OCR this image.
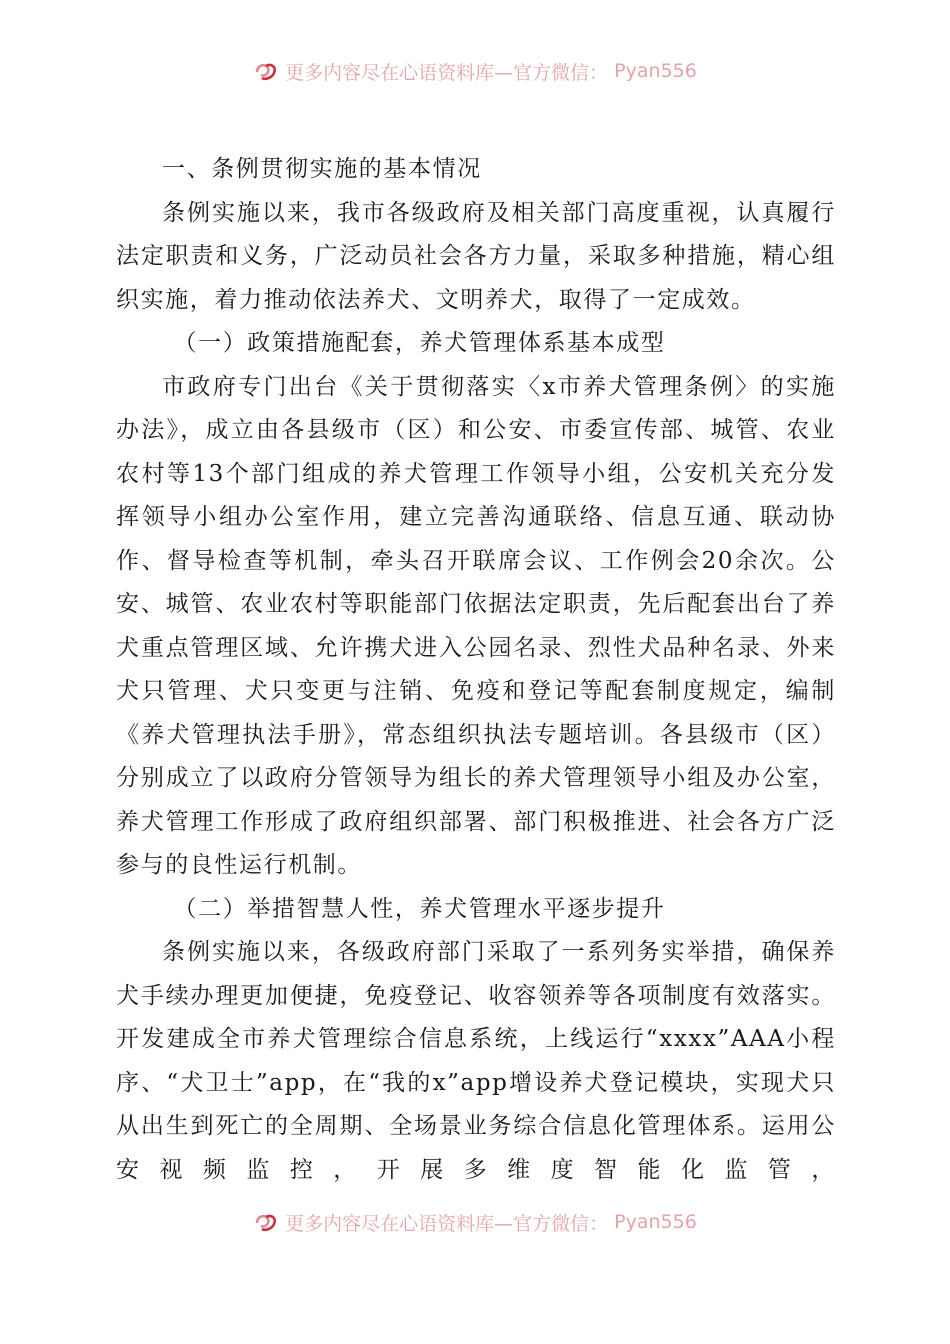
更多内容尽在心语资料库—官方微信： Pyan556

一、条例贯彻实施的基本情况

条例实施以来，我市各级政府及相关部门高度重视，认真履行法定职责和义务，广泛动员社会各方力量，采取多种措施，精心组织实施，着力推动依法养犬、文明养犬，取得了一定成效。

（一）政策措施配套，养犬管理体系基本成型

市政府专门出台《关于贯彻落实〈x市养犬管理条例〉的实施办法》，成立由各县级市（区）和公安、市委宣传部、城管、农业农村等13个部门组成的养犬管理工作领导小组，公安机关充分发挥领导小组办公室作用，建立完善沟通联络、信息互通、联动协作、督导检查等机制，牵头召开联席会议、工作例会20余次。公安、城管、农业农村等职能部门依据法定职责，先后配套出台了养犬重点管理区域、允许携犬进入公园名录、烈性犬品种名录、外来犬只管理、犬只变更与注销、免疫和登记等配套制度规定，编制《养犬管理执法手册》，常态组织执法专题培训。各县级市（区）分别成立了以政府分管领导为组长的养犬管理领导小组及办公室，养犬管理工作形成了政府组织部署、部门积极推进、社会各方广泛参与的良性运行机制。

（二）举措智慧人性，养犬管理水平逐步提升

条例实施以来，各级政府部门采取了一系列务实举措，确保养犬手续办理更加便捷，免疫登记、收容领养等各项制度有效落实。开发建成全市养犬管理综合信息系统，上线运行“xxxx”AAA小程序、“犬卫士”app，在“我的x”app增设养犬登记模块，实现犬只从出生到死亡的全周期、全场景业务综合信息化管理体系。运用公安视频监控，开展多维度智能化监管，

更多内容尽在心语资料库—官方微信： Pyan556
